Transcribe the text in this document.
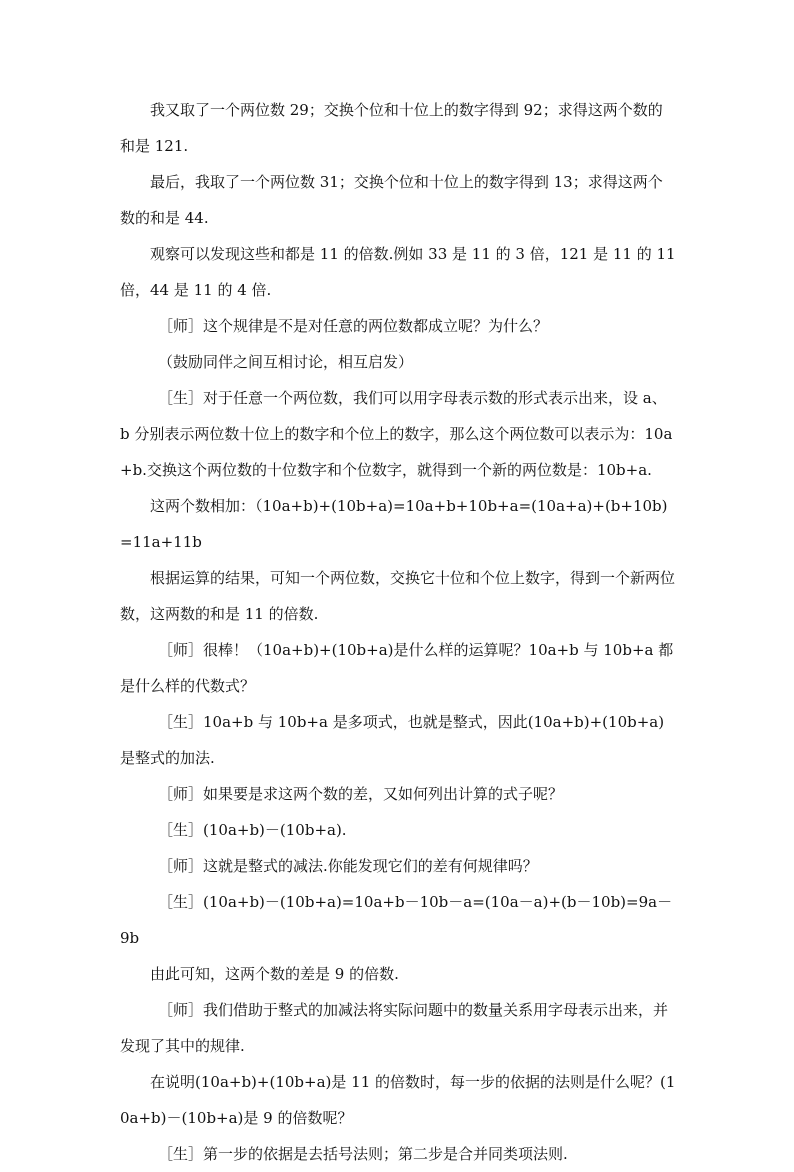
我又取了一个两位数 29；交换个位和十位上的数字得到 92；求得这两个数的和是 121.

最后，我取了一个两位数 31；交换个位和十位上的数字得到 13；求得这两个数的和是 44.

观察可以发现这些和都是 11 的倍数.例如 33 是 11 的 3 倍，121 是 11 的 11 倍，44 是 11 的 4 倍.

［师］这个规律是不是对任意的两位数都成立呢？为什么？

（鼓励同伴之间互相讨论，相互启发）

［生］对于任意一个两位数，我们可以用字母表示数的形式表示出来，设 a、b 分别表示两位数十位上的数字和个位上的数字，那么这个两位数可以表示为：10a+b.交换这个两位数的十位数字和个位数字，就得到一个新的两位数是：10b+a.

这两个数相加：（10a+b)+(10b+a)=10a+b+10b+a=(10a+a)+(b+10b)=11a+11b

根据运算的结果，可知一个两位数，交换它十位和个位上数字，得到一个新两位数，这两数的和是 11 的倍数.

［师］很棒！（10a+b)+(10b+a)是什么样的运算呢？10a+b 与 10b+a 都是什么样的代数式？

［生］10a+b 与 10b+a 是多项式，也就是整式，因此(10a+b)+(10b+a)是整式的加法.

［师］如果要是求这两个数的差，又如何列出计算的式子呢？

［生］(10a+b)－(10b+a).

［师］这就是整式的减法.你能发现它们的差有何规律吗？

［生］(10a+b)－(10b+a)=10a+b－10b－a=(10a－a)+(b－10b)=9a－9b

由此可知，这两个数的差是 9 的倍数.

［师］我们借助于整式的加减法将实际问题中的数量关系用字母表示出来，并发现了其中的规律.

在说明(10a+b)+(10b+a)是 11 的倍数时，每一步的依据的法则是什么呢？(10a+b)－(10b+a)是 9 的倍数呢？

［生］第一步的依据是去括号法则；第二步是合并同类项法则.
